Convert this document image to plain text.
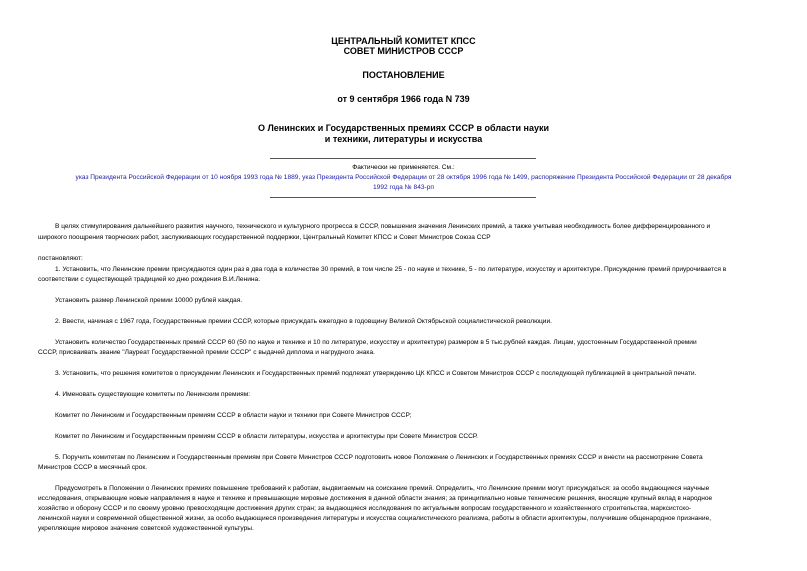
ЦЕНТРАЛЬНЫЙ КОМИТЕТ КПСС
СОВЕТ МИНИСТРОВ СССР
ПОСТАНОВЛЕНИЕ
от 9 сентября 1966 года N 739
О Ленинских и Государственных премиях СССР в области науки
и техники, литературы и искусства
Фактически не применяется. См.:
указ Президента Российской Федерации от 10 ноября 1993 года № 1889, указ Президента Российской Федерации от 28 октября 1996 года № 1499, распоряжение Президента Российской Федерации от 28 декабря
1992 года № 843-рп
В целях стимулирования дальнейшего развития научного, технического и культурного прогресса в СССР, повышения значения Ленинских премий, а также учитывая необходимость более дифференцированного и
широкого поощрения творческих работ, заслуживающих государственной поддержки, Центральный Комитет КПСС и Совет Министров Союза ССР
постановляют:
1. Установить, что Ленинские премии присуждаются один раз в два года в количестве 30 премий, в том числе 25 - по науке и технике, 5 - по литературе, искусству и архитектуре. Присуждение премий приурочивается в
соответствии с существующей традицией ко дню рождения В.И.Ленина.
Установить размер Ленинской премии 10000 рублей каждая.
2. Ввести, начиная с 1967 года, Государственные премии СССР, которые присуждать ежегодно в годовщину Великой Октябрьской социалистической революции.
Установить количество Государственных премий СССР 60 (50 по науке и технике и 10 по литературе, искусству и архитектуре) размером в 5 тыс.рублей каждая. Лицам, удостоенным Государственной премии
СССР, присваивать звание "Лауреат Государственной премии СССР" с выдачей диплома и нагрудного знака.
3. Установить, что решения комитетов о присуждении Ленинских и Государственных премий подлежат утверждению ЦК КПСС и Советом Министров СССР с последующей публикацией в центральной печати.
4. Именовать существующие комитеты по Ленинским премиям:
Комитет по Ленинским и Государственным премиям СССР в области науки и техники при Совете Министров СССР;
Комитет по Ленинским и Государственным премиям СССР в области литературы, искусства и архитектуры при Совете Министров СССР.
5. Поручить комитетам по Ленинским и Государственным премиям при Совете Министров СССР подготовить новое Положение о Ленинских и Государственных премиях СССР и внести на рассмотрение Совета
Министров СССР в месячный срок.
Предусмотреть в Положении о Ленинских премиях повышение требований к работам, выдвигаемым на соискание премий. Определить, что Ленинские премии могут присуждаться: за особо выдающиеся научные
исследования, открывающие новые направления в науке и технике и превышающие мировые достижения в данной области знания; за принципиально новые технические решения, вносящие крупный вклад в народное
хозяйство и оборону СССР и по своему уровню превосходящие достижения других стран; за выдающиеся исследования по актуальным вопросам государственного и хозяйственного строительства, марксистско-
ленинской науки и современной общественной жизни, за особо выдающиеся произведения литературы и искусства социалистического реализма, работы в области архитектуры, получившие общенародное признание,
укрепляющие мировое значение советской художественной культуры.
